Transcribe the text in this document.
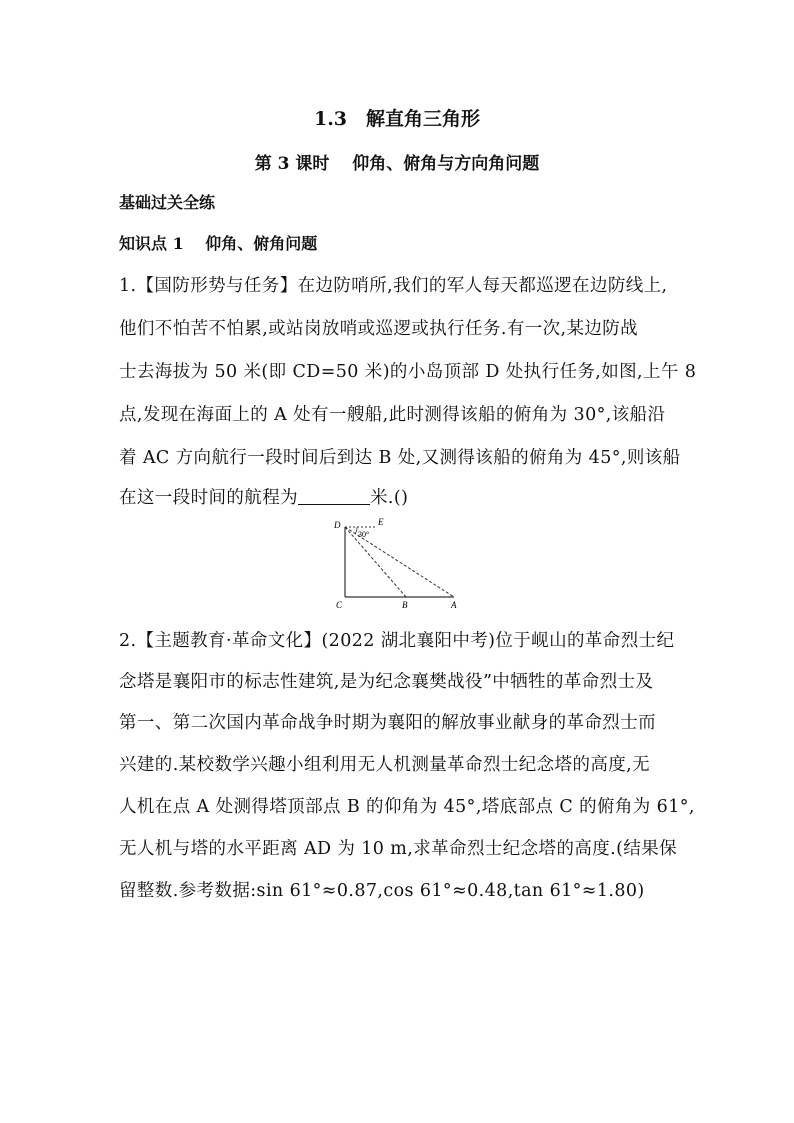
1.3　解直角三角形
第 3 课时　 仰角、俯角与方向角问题
基础过关全练
知识点 1　 仰角、俯角问题
1.【国防形势与任务】在边防哨所,我们的军人每天都巡逻在边防线上,
他们不怕苦不怕累,或站岗放哨或巡逻或执行任务.有一次,某边防战
士去海拔为 50 米(即 CD=50 米)的小岛顶部 D 处执行任务,如图,上午 8
点,发现在海面上的 A 处有一艘船,此时测得该船的俯角为 30°,该船沿
着 AC 方向航行一段时间后到达 B 处,又测得该船的俯角为 45°,则该船
在这一段时间的航程为	米.()
D	E
30°
C	B	A
2.【主题教育·革命文化】(2022 湖北襄阳中考)位于岘山的革命烈士纪
念塔是襄阳市的标志性建筑,是为纪念襄樊战役”中牺牲的革命烈士及
第一、第二次国内革命战争时期为襄阳的解放事业献身的革命烈士而
兴建的.某校数学兴趣小组利用无人机测量革命烈士纪念塔的高度,无
人机在点 A 处测得塔顶部点 B 的仰角为 45°,塔底部点 C 的俯角为 61°,
无人机与塔的水平距离 AD 为 10 m,求革命烈士纪念塔的高度.(结果保
留整数.参考数据:sin 61°≈0.87,cos 61°≈0.48,tan 61°≈1.80)
